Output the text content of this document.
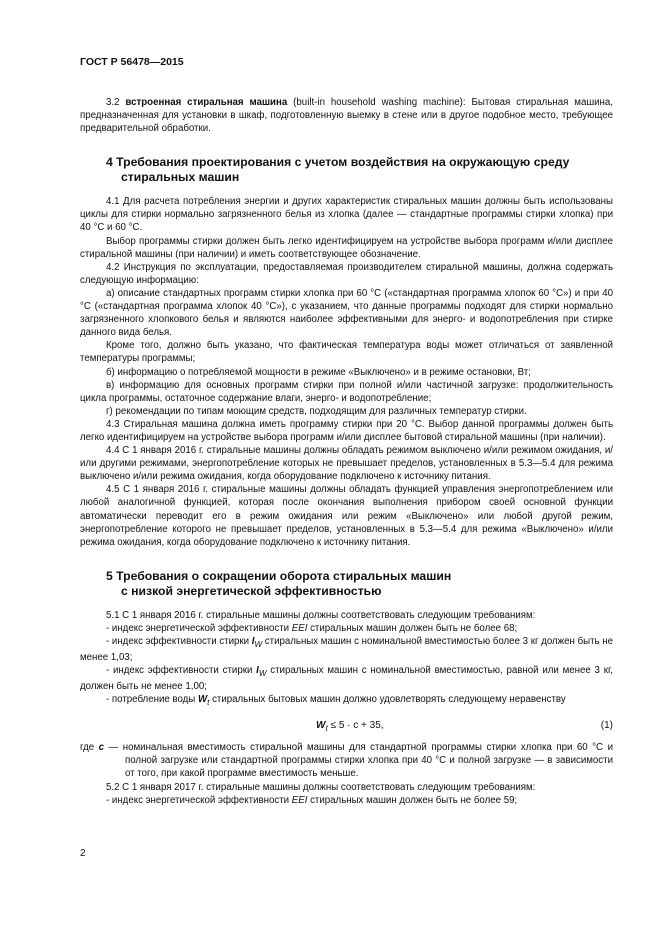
ГОСТ Р 56478—2015

3.2 встроенная стиральная машина (built-in household washing machine): Бытовая стиральная машина, предназначенная для установки в шкаф, подготовленную выемку в стене или в другое подобное место, требующее предварительной обработки.

4 Требования проектирования с учетом воздействия на окружающую среду
стиральных машин

4.1 Для расчета потребления энергии и других характеристик стиральных машин должны быть использованы циклы для стирки нормально загрязненного белья из хлопка (далее — стандартные программы стирки хлопка) при 40 °С и 60 °С.

Выбор программы стирки должен быть легко идентифицируем на устройстве выбора программ и/или дисплее стиральной машины (при наличии) и иметь соответствующее обозначение.

4.2 Инструкция по эксплуатации, предоставляемая производителем стиральной машины, должна содержать следующую информацию:

а) описание стандартных программ стирки хлопка при 60 °С («стандартная программа хлопок 60 °С») и при 40 °С («стандартная программа хлопок 40 °С»), с указанием, что данные программы подходят для стирки нормально загрязненного хлопкового белья и являются наиболее эффективными для энерго- и водопотребления при стирке данного вида белья.

Кроме того, должно быть указано, что фактическая температура воды может отличаться от заявленной температуры программы;

б) информацию о потребляемой мощности в режиме «Выключено» и в режиме остановки, Вт;

в) информацию для основных программ стирки при полной и/или частичной загрузке: продолжительность цикла программы, остаточное содержание влаги, энерго- и водопотребление;

г) рекомендации по типам моющим средств, подходящим для различных температур стирки.

4.3 Стиральная машина должна иметь программу стирки при 20 °С. Выбор данной программы должен быть легко идентифицируем на устройстве выбора программ и/или дисплее бытовой стиральной машины (при наличии).

4.4 С 1 января 2016 г. стиральные машины должны обладать режимом выключено и/или режимом ожидания, и/или другими режимами, энергопотребление которых не превышает пределов, установленных в 5.3—5.4 для режима выключено и/или режима ожидания, когда оборудование подключено к источнику питания.

4.5 С 1 января 2016 г. стиральные машины должны обладать функцией управления энергопотреблением или любой аналогичной функцией, которая после окончания выполнения прибором своей основной функции автоматически переводит его в режим ожидания или режим «Выключено» или любой другой режим, энергопотребление которого не превышает пределов, установленных в 5.3—5.4 для режима «Выключено» и/или режима ожидания, когда оборудование подключено к источнику питания.

5 Требования о сокращении оборота стиральных машин
с низкой энергетической эффективностью

5.1 С 1 января 2016 г. стиральные машины должны соответствовать следующим требованиям:

- индекс энергетической эффективности EEI стиральных машин должен быть не более 68;

- индекс эффективности стирки $I_W$ стиральных машин с номинальной вместимостью более 3 кг должен быть не менее 1,03;

- индекс эффективности стирки $I_W$ стиральных машин с номинальной вместимостью, равной или менее 3 кг, должен быть не менее 1,00;

- потребление воды $W_t$ стиральных бытовых машин должно удовлетворять следующему неравенству

$W_t \le 5 \cdot c + 35$,	(1)
где c — номинальная вместимость стиральной машины для стандартной программы стирки хлопка при 60 °С и полной загрузке или стандартной программы стирки хлопка при 40 °С и полной загрузке — в зависимости от того, при какой программе вместимость меньше.

5.2 С 1 января 2017 г. стиральные машины должны соответствовать следующим требованиям:

- индекс энергетической эффективности EEI стиральных машин должен быть не более 59;

2
